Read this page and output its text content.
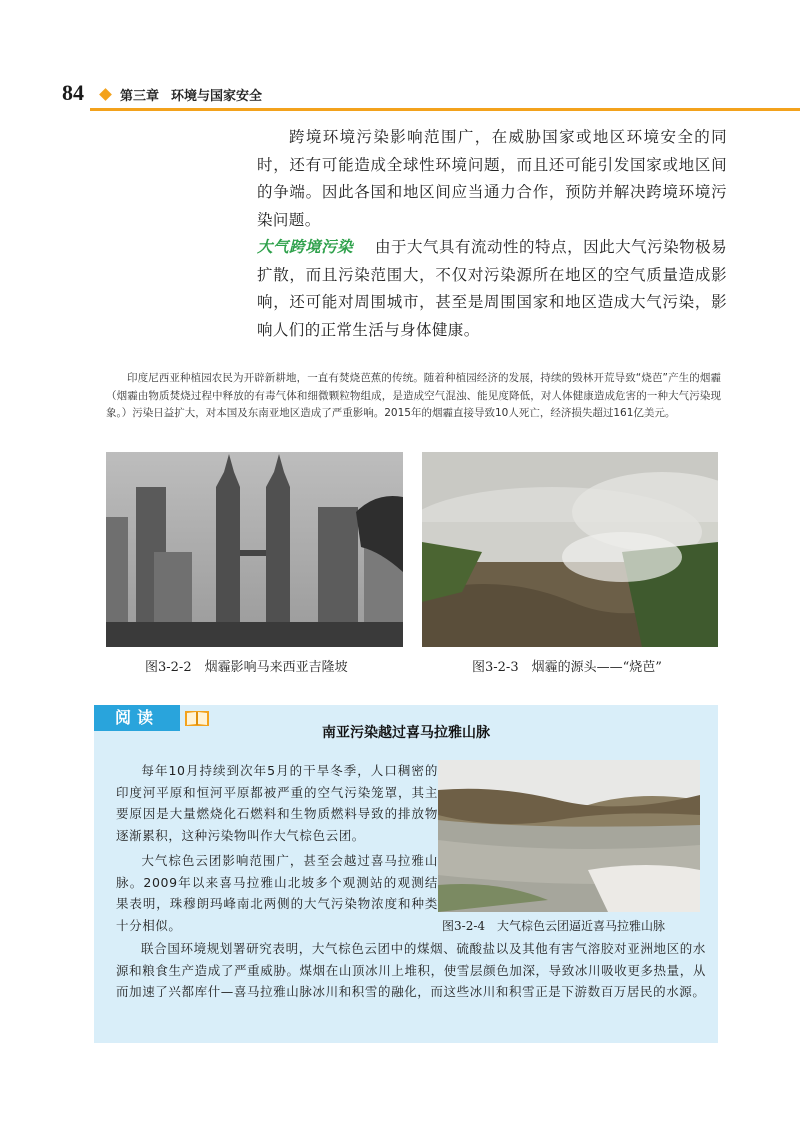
84	第三章 环境与国家安全
跨境环境污染影响范围广，在威胁国家或地区环境安全的同时，还有可能造成全球性环境问题，而且还可能引发国家或地区间的争端。因此各国和地区间应当通力合作，预防并解决跨境环境污染问题。
大气跨境污染 由于大气具有流动性的特点，因此大气污染物极易扩散，而且污染范围大，不仅对污染源所在地区的空气质量造成影响，还可能对周围城市，甚至是周围国家和地区造成大气污染，影响人们的正常生活与身体健康。
印度尼西亚种植园农民为开辟新耕地，一直有焚烧芭蕉的传统。随着种植园经济的发展，持续的毁林开荒导致“烧芭”产生的烟霾（烟霾由物质焚烧过程中释放的有毒气体和细微颗粒物组成，是造成空气混浊、能见度降低，对人体健康造成危害的一种大气污染现象。）污染日益扩大，对本国及东南亚地区造成了严重影响。2015年的烟霾直接导致10人死亡，经济损失超过161亿美元。
图3-2-2　烟霾影响马来西亚吉隆坡	图3-2-3　烟霾的源头——“烧芭”
阅读
南亚污染越过喜马拉雅山脉
每年10月持续到次年5月的干旱冬季，人口稠密的印度河平原和恒河平原都被严重的空气污染笼罩，其主要原因是大量燃烧化石燃料和生物质燃料导致的排放物逐渐累积，这种污染物叫作大气棕色云团。
大气棕色云团影响范围广，甚至会越过喜马拉雅山脉。2009年以来喜马拉雅山北坡多个观测站的观测结果表明，珠穆朗玛峰南北两侧的大气污染物浓度和种类十分相似。	图3-2-4　大气棕色云团逼近喜马拉雅山脉
联合国环境规划署研究表明，大气棕色云团中的煤烟、硫酸盐以及其他有害气溶胶对亚洲地区的水源和粮食生产造成了严重威胁。煤烟在山顶冰川上堆积，使雪层颜色加深，导致冰川吸收更多热量，从而加速了兴都库什—喜马拉雅山脉冰川和积雪的融化，而这些冰川和积雪正是下游数百万居民的水源。
